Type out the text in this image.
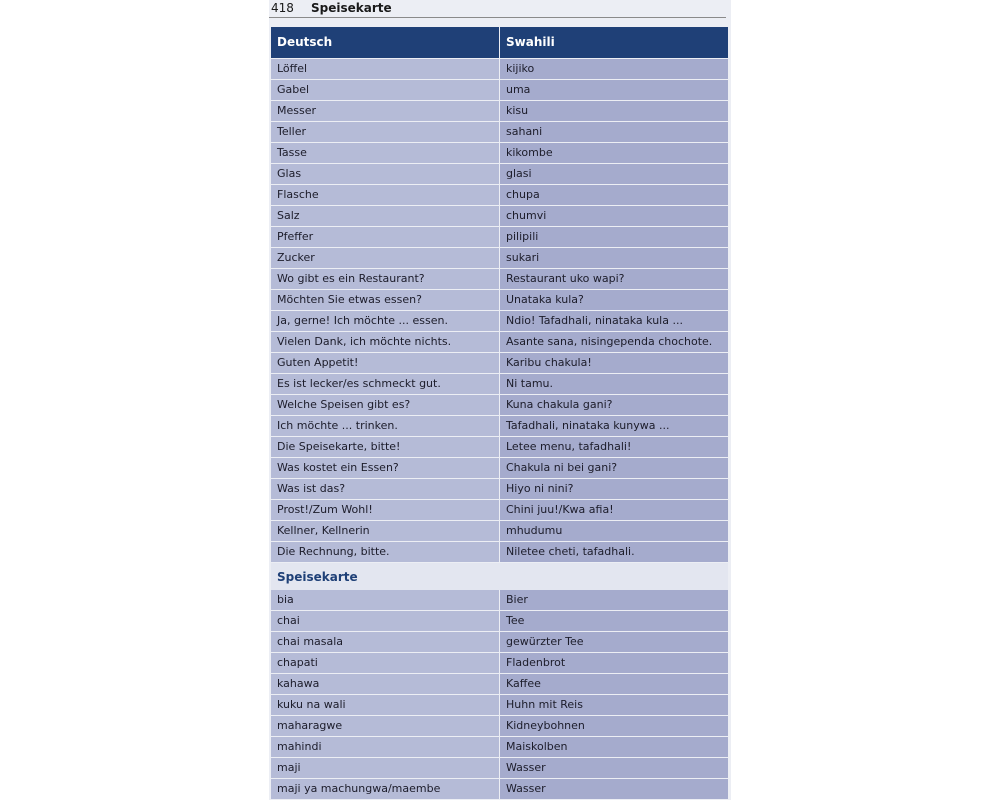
418 Speisekarte
Deutsch	Swahili
Löffel	kijiko
Gabel	uma
Messer	kisu
Teller	sahani
Tasse	kikombe
Glas	glasi
Flasche	chupa
Salz	chumvi
Pfeffer	pilipili
Zucker	sukari
Wo gibt es ein Restaurant?	Restaurant uko wapi?
Möchten Sie etwas essen?	Unataka kula?
Ja, gerne! Ich möchte ... essen.	Ndio! Tafadhali, ninataka kula ...
Vielen Dank, ich möchte nichts.	Asante sana, nisingependa chochote.
Guten Appetit!	Karibu chakula!
Es ist lecker/es schmeckt gut.	Ni tamu.
Welche Speisen gibt es?	Kuna chakula gani?
Ich möchte ... trinken.	Tafadhali, ninataka kunywa ...
Die Speisekarte, bitte!	Letee menu, tafadhali!
Was kostet ein Essen?	Chakula ni bei gani?
Was ist das?	Hiyo ni nini?
Prost!/Zum Wohl!	Chini juu!/Kwa afia!
Kellner, Kellnerin	mhudumu
Die Rechnung, bitte.	Niletee cheti, tafadhali.
Speisekarte
bia	Bier
chai	Tee
chai masala	gewürzter Tee
chapati	Fladenbrot
kahawa	Kaffee
kuku na wali	Huhn mit Reis
maharagwe	Kidneybohnen
mahindi	Maiskolben
maji	Wasser
maji ya machungwa/maembe	Wasser
